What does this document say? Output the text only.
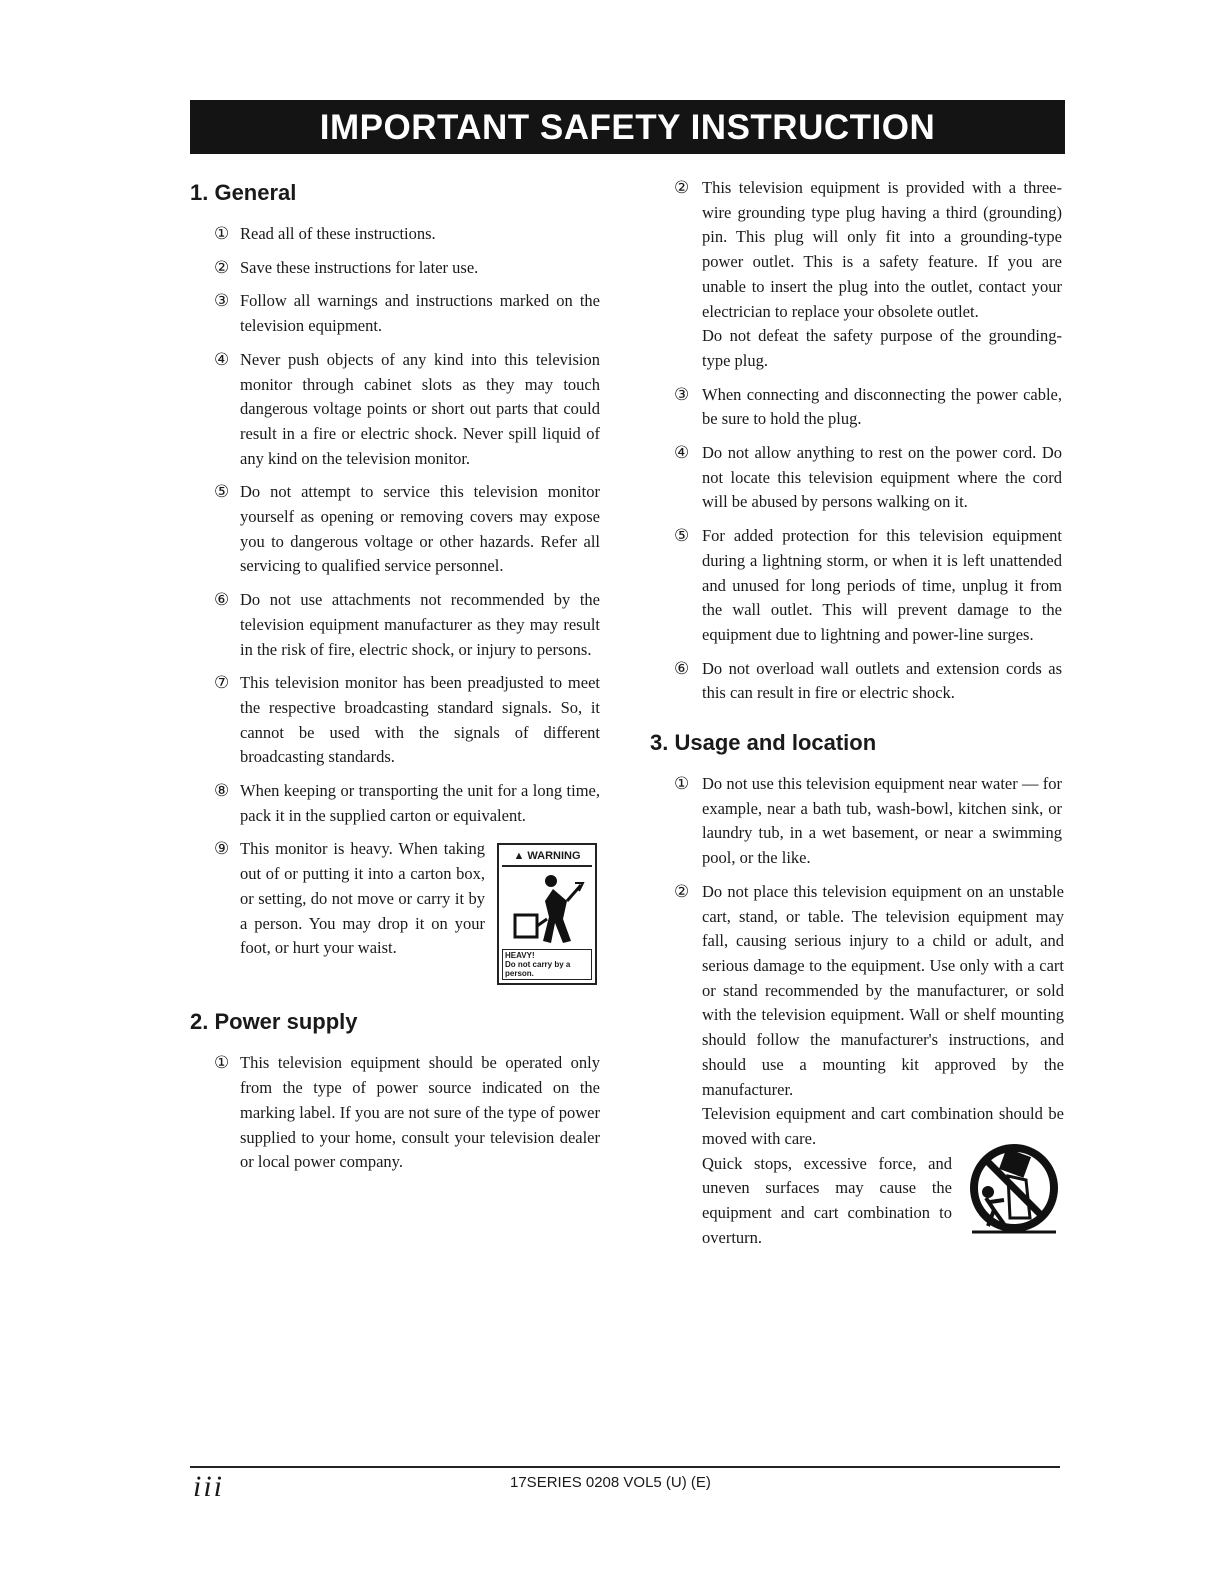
IMPORTANT SAFETY INSTRUCTION
1. General
① Read all of these instructions.
② Save these instructions for later use.
③ Follow all warnings and instructions marked on the television equipment.
④ Never push objects of any kind into this television monitor through cabinet slots as they may touch dangerous voltage points or short out parts that could result in a fire or electric shock. Never spill liquid of any kind on the television monitor.
⑤ Do not attempt to service this television monitor yourself as opening or removing covers may expose you to dangerous voltage or other hazards. Refer all servicing to qualified service personnel.
⑥ Do not use attachments not recommended by the television equipment manufacturer as they may result in the risk of fire, electric shock, or injury to persons.
⑦ This television monitor has been preadjusted to meet the respective broadcasting standard signals. So, it cannot be used with the signals of different broadcasting standards.
⑧ When keeping or transporting the unit for a long time, pack it in the supplied carton or equivalent.
⑨ This monitor is heavy. When taking out of or putting it into a carton box, or setting, do not move or carry it by a person. You may drop it on your foot, or hurt your waist.
▲ WARNING
HEAVY!
Do not carry by a person.
2. Power supply
① This television equipment should be operated only from the type of power source indicated on the marking label. If you are not sure of the type of power supplied to your home, consult your television dealer or local power company.
② This television equipment is provided with a three-wire grounding type plug having a third (grounding) pin. This plug will only fit into a grounding-type power outlet. This is a safety feature. If you are unable to insert the plug into the outlet, contact your electrician to replace your obsolete outlet.
Do not defeat the safety purpose of the grounding-type plug.
③ When connecting and disconnecting the power cable, be sure to hold the plug.
④ Do not allow anything to rest on the power cord. Do not locate this television equipment where the cord will be abused by persons walking on it.
⑤ For added protection for this television equipment during a lightning storm, or when it is left unattended and unused for long periods of time, unplug it from the wall outlet. This will prevent damage to the equipment due to lightning and power-line surges.
⑥ Do not overload wall outlets and extension cords as this can result in fire or electric shock.
3. Usage and location
① Do not use this television equipment near water — for example, near a bath tub, wash-bowl, kitchen sink, or laundry tub, in a wet basement, or near a swimming pool, or the like.
② Do not place this television equipment on an unstable cart, stand, or table. The television equipment may fall, causing serious injury to a child or adult, and serious damage to the equipment. Use only with a cart or stand recommended by the manufacturer, or sold with the television equipment. Wall or shelf mounting should follow the manufacturer's instructions, and should use a mounting kit approved by the manufacturer.
Television equipment and cart combination should be moved with care.
Quick stops, excessive force, and uneven surfaces may cause the equipment and cart combination to overturn.
iii	17SERIES 0208 VOL5 (U) (E)
